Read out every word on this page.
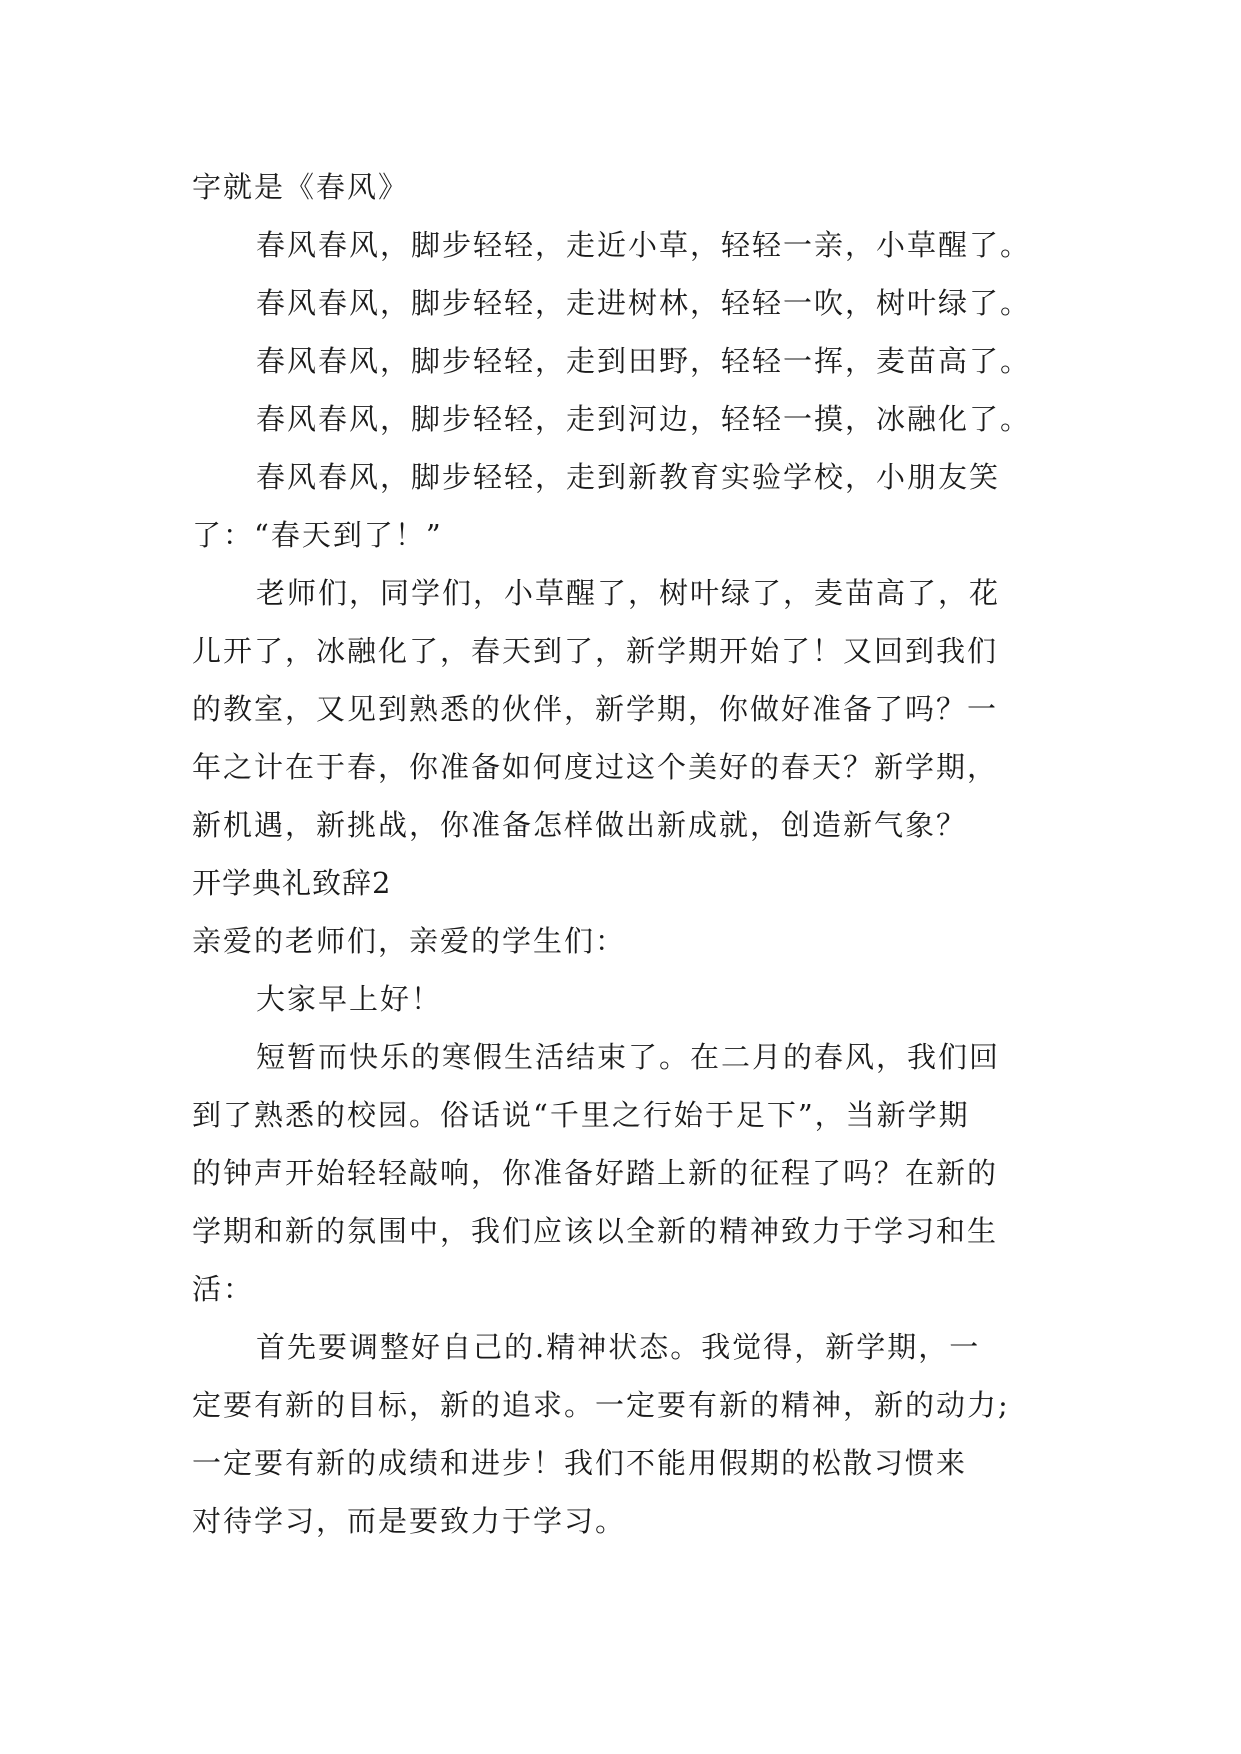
字就是《春风》
春风春风，脚步轻轻，走近小草，轻轻一亲，小草醒了。
春风春风，脚步轻轻，走进树林，轻轻一吹，树叶绿了。
春风春风，脚步轻轻，走到田野，轻轻一挥，麦苗高了。
春风春风，脚步轻轻，走到河边，轻轻一摸，冰融化了。
春风春风，脚步轻轻，走到新教育实验学校，小朋友笑
了：“春天到了！”
老师们，同学们，小草醒了，树叶绿了，麦苗高了，花
儿开了，冰融化了，春天到了，新学期开始了！又回到我们
的教室，又见到熟悉的伙伴，新学期，你做好准备了吗？一
年之计在于春，你准备如何度过这个美好的春天？新学期，
新机遇，新挑战，你准备怎样做出新成就，创造新气象？
开学典礼致辞2
亲爱的老师们，亲爱的学生们：
大家早上好！
短暂而快乐的寒假生活结束了。在二月的春风，我们回
到了熟悉的校园。俗话说“千里之行始于足下”，当新学期
的钟声开始轻轻敲响，你准备好踏上新的征程了吗？在新的
学期和新的氛围中，我们应该以全新的精神致力于学习和生
活：
首先要调整好自己的.精神状态。我觉得，新学期，一
定要有新的目标，新的追求。一定要有新的精神，新的动力;
一定要有新的成绩和进步！我们不能用假期的松散习惯来
对待学习，而是要致力于学习。
